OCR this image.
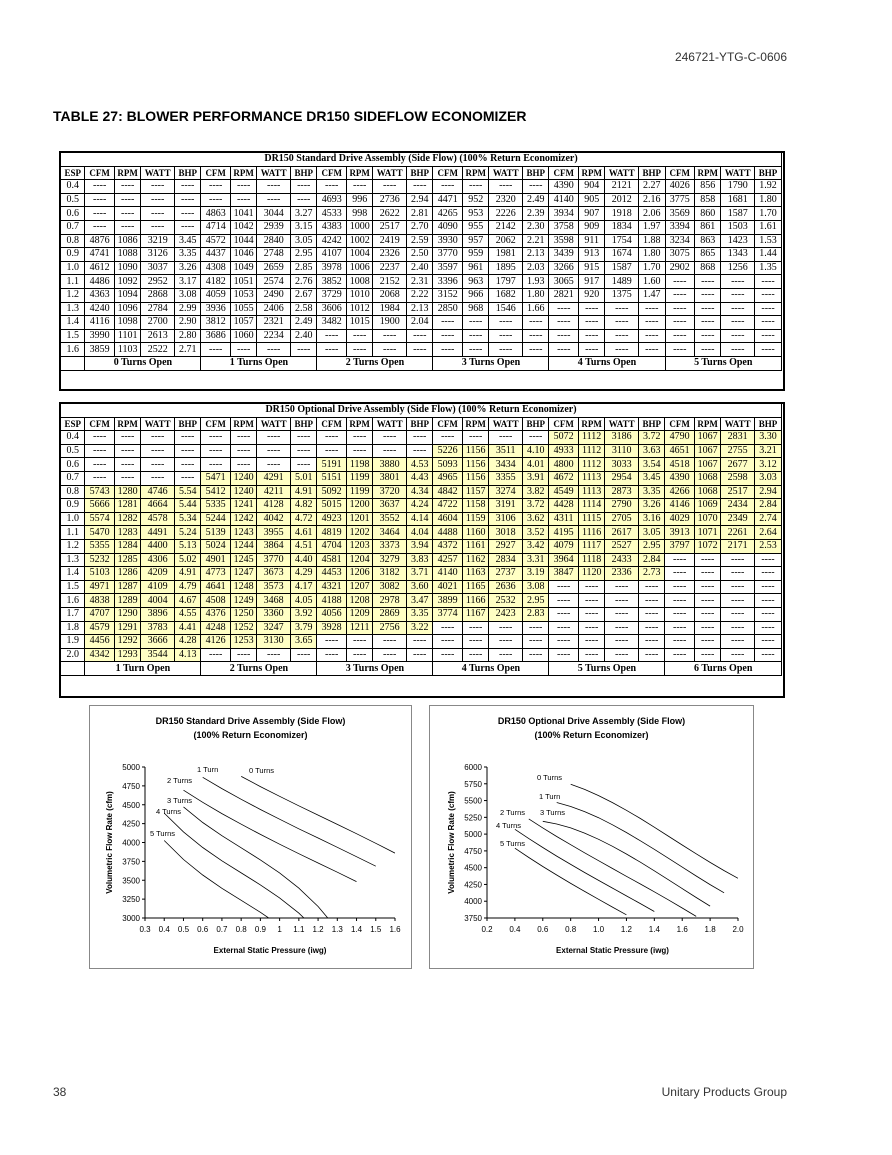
246721-YTG-C-0606
TABLE 27: BLOWER PERFORMANCE DR150 SIDEFLOW ECONOMIZER
DR150 Standard Drive Assembly (Side Flow) (100% Return Economizer)																								
ESP	CFM	RPM	WATT	BHP	CFM	RPM	WATT	BHP	CFM	RPM	WATT	BHP	CFM	RPM	WATT	BHP	CFM	RPM	WATT	BHP	CFM	RPM	WATT	BHP
0.4	----	----	----	----	----	----	----	----	----	----	----	----	----	----	----	----	4390	904	2121	2.27	4026	856	1790	1.92
0.5	----	----	----	----	----	----	----	----	4693	996	2736	2.94	4471	952	2320	2.49	4140	905	2012	2.16	3775	858	1681	1.80
0.6	----	----	----	----	4863	1041	3044	3.27	4533	998	2622	2.81	4265	953	2226	2.39	3934	907	1918	2.06	3569	860	1587	1.70
0.7	----	----	----	----	4714	1042	2939	3.15	4383	1000	2517	2.70	4090	955	2142	2.30	3758	909	1834	1.97	3394	861	1503	1.61
0.8	4876	1086	3219	3.45	4572	1044	2840	3.05	4242	1002	2419	2.59	3930	957	2062	2.21	3598	911	1754	1.88	3234	863	1423	1.53
0.9	4741	1088	3126	3.35	4437	1046	2748	2.95	4107	1004	2326	2.50	3770	959	1981	2.13	3439	913	1674	1.80	3075	865	1343	1.44
1.0	4612	1090	3037	3.26	4308	1049	2659	2.85	3978	1006	2237	2.40	3597	961	1895	2.03	3266	915	1587	1.70	2902	868	1256	1.35
1.1	4486	1092	2952	3.17	4182	1051	2574	2.76	3852	1008	2152	2.31	3396	963	1797	1.93	3065	917	1489	1.60	----	----	----	----
1.2	4363	1094	2868	3.08	4059	1053	2490	2.67	3729	1010	2068	2.22	3152	966	1682	1.80	2821	920	1375	1.47	----	----	----	----
1.3	4240	1096	2784	2.99	3936	1055	2406	2.58	3606	1012	1984	2.13	2850	968	1546	1.66	----	----	----	----	----	----	----	----
1.4	4116	1098	2700	2.90	3812	1057	2321	2.49	3482	1015	1900	2.04	----	----	----	----	----	----	----	----	----	----	----	----
1.5	3990	1101	2613	2.80	3686	1060	2234	2.40	----	----	----	----	----	----	----	----	----	----	----	----	----	----	----	----
1.6	3859	1103	2522	2.71	----	----	----	----	----	----	----	----	----	----	----	----	----	----	----	----	----	----	----	----
	0 Turns Open				1 Turns Open				2 Turns Open				3 Turns Open				4 Turns Open				5 Turns Open			
DR150 Optional Drive Assembly (Side Flow) (100% Return Economizer)																								
ESP	CFM	RPM	WATT	BHP	CFM	RPM	WATT	BHP	CFM	RPM	WATT	BHP	CFM	RPM	WATT	BHP	CFM	RPM	WATT	BHP	CFM	RPM	WATT	BHP
0.4	----	----	----	----	----	----	----	----	----	----	----	----	----	----	----	----	5072	1112	3186	3.72	4790	1067	2831	3.30
0.5	----	----	----	----	----	----	----	----	----	----	----	----	5226	1156	3511	4.10	4933	1112	3110	3.63	4651	1067	2755	3.21
0.6	----	----	----	----	----	----	----	----	5191	1198	3880	4.53	5093	1156	3434	4.01	4800	1112	3033	3.54	4518	1067	2677	3.12
0.7	----	----	----	----	5471	1240	4291	5.01	5151	1199	3801	4.43	4965	1156	3355	3.91	4672	1113	2954	3.45	4390	1068	2598	3.03
0.8	5743	1280	4746	5.54	5412	1240	4211	4.91	5092	1199	3720	4.34	4842	1157	3274	3.82	4549	1113	2873	3.35	4266	1068	2517	2.94
0.9	5666	1281	4664	5.44	5335	1241	4128	4.82	5015	1200	3637	4.24	4722	1158	3191	3.72	4428	1114	2790	3.26	4146	1069	2434	2.84
1.0	5574	1282	4578	5.34	5244	1242	4042	4.72	4923	1201	3552	4.14	4604	1159	3106	3.62	4311	1115	2705	3.16	4029	1070	2349	2.74
1.1	5470	1283	4491	5.24	5139	1243	3955	4.61	4819	1202	3464	4.04	4488	1160	3018	3.52	4195	1116	2617	3.05	3913	1071	2261	2.64
1.2	5355	1284	4400	5.13	5024	1244	3864	4.51	4704	1203	3373	3.94	4372	1161	2927	3.42	4079	1117	2527	2.95	3797	1072	2171	2.53
1.3	5232	1285	4306	5.02	4901	1245	3770	4.40	4581	1204	3279	3.83	4257	1162	2834	3.31	3964	1118	2433	2.84	----	----	----	----
1.4	5103	1286	4209	4.91	4773	1247	3673	4.29	4453	1206	3182	3.71	4140	1163	2737	3.19	3847	1120	2336	2.73	----	----	----	----
1.5	4971	1287	4109	4.79	4641	1248	3573	4.17	4321	1207	3082	3.60	4021	1165	2636	3.08	----	----	----	----	----	----	----	----
1.6	4838	1289	4004	4.67	4508	1249	3468	4.05	4188	1208	2978	3.47	3899	1166	2532	2.95	----	----	----	----	----	----	----	----
1.7	4707	1290	3896	4.55	4376	1250	3360	3.92	4056	1209	2869	3.35	3774	1167	2423	2.83	----	----	----	----	----	----	----	----
1.8	4579	1291	3783	4.41	4248	1252	3247	3.79	3928	1211	2756	3.22	----	----	----	----	----	----	----	----	----	----	----	----
1.9	4456	1292	3666	4.28	4126	1253	3130	3.65	----	----	----	----	----	----	----	----	----	----	----	----	----	----	----	----
2.0	4342	1293	3544	4.13	----	----	----	----	----	----	----	----	----	----	----	----	----	----	----	----	----	----	----	----
	1 Turn Open				2 Turns Open				3 Turns Open				4 Turns Open				5 Turns Open				6 Turns Open			
DR150 Standard Drive Assembly (Side Flow)
(100% Return Economizer)
3000
3250
3500
3750
4000
4250
4500
4750
5000
0.3 0.4 0.5 0.6 0.7 0.8 0.9 1 1.1 1.2 1.3 1.4 1.5 1.6
External Static Pressure (iwg)
Volumetric Flow Rate (cfm)
0 Turns
1 Turn
2 Turns
3 Turns
4 Turns
5 Turns
DR150 Optional Drive Assembly (Side Flow)
(100% Return Economizer)
3750
4000
4250
4500
4750
5000
5250
5500
5750
6000
0.2 0.4 0.6 0.8 1.0 1.2 1.4 1.6 1.8 2.0
External Static Pressure (iwg)
Volumetric Flow Rate (cfm)
0 Turns
1 Turn
2 Turns 3 Turns
4 Turns
5 Turns
38	Unitary Products Group
